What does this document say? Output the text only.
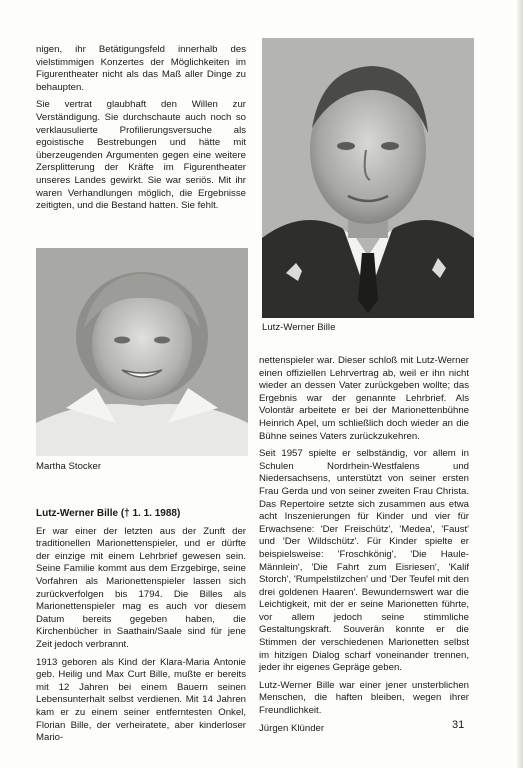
nigen, ihr Betätigungsfeld innerhalb des vielstimmigen Konzertes der Möglichkeiten im Figurentheater nicht als das Maß aller Dinge zu behaupten.

Sie vertrat glaubhaft den Willen zur Verständigung. Sie durchschaute auch noch so verklausulierte Profilierungsversuche als egoistische Bestrebungen und hätte mit überzeugenden Argumenten gegen eine weitere Zersplitterung der Kräfte im Figurentheater unseres Landes gewirkt. Sie war seriös. Mit ihr waren Verhandlungen möglich, die Ergebnisse zeitigten, und die Bestand hatten. Sie fehlt.

Lutz-Werner Bille
Martha Stocker

Lutz-Werner Bille († 1. 1. 1988)

Er war einer der letzten aus der Zunft der traditionellen Marionettenspieler, und er dürfte der einzige mit einem Lehrbrief gewesen sein. Seine Familie kommt aus dem Erzgebirge, seine Vorfahren als Marionettenspieler lassen sich zurückverfolgen bis 1794. Die Billes als Marionettenspieler mag es auch vor diesem Datum bereits gegeben haben, die Kirchenbücher in Saathain/Saale sind für jene Zeit jedoch verbrannt.

1913 geboren als Kind der Klara-Maria Antonie geb. Heilig und Max Curt Bille, mußte er bereits mit 12 Jahren bei einem Bauern seinen Lebensunterhalt selbst verdienen. Mit 14 Jahren kam er zu einem seiner entferntesten Onkel, Florian Bille, der verheiratete, aber kinderloser Mario-

nettenspieler war. Dieser schloß mit Lutz-Werner einen offiziellen Lehrvertrag ab, weil er ihn nicht wieder an dessen Vater zurückgeben wollte; das Ergebnis war der genannte Lehrbrief. Als Volontär arbeitete er bei der Marionettenbühne Heinrich Apel, um schließlich doch wieder an die Bühne seines Vaters zurückzukehren.

Seit 1957 spielte er selbständig, vor allem in Schulen Nordrhein-Westfalens und Niedersachsens, unterstützt von seiner ersten Frau Gerda und von seiner zweiten Frau Christa. Das Repertoire setzte sich zusammen aus etwa acht Inszenierungen für Kinder und vier für Erwachsene: 'Der Freischütz', 'Medea', 'Faust' und 'Der Wildschütz'. Für Kinder spielte er beispielsweise: 'Froschkönig', 'Die Haule-Männlein', 'Die Fahrt zum Eisriesen', 'Kalif Storch', 'Rumpelstilzchen' und 'Der Teufel mit den drei goldenen Haaren'. Bewundernswert war die Leichtigkeit, mit der er seine Marionetten führte, vor allem jedoch seine stimmliche Gestaltungskraft. Souverän konnte er die Stimmen der verschiedenen Marionetten selbst im hitzigen Dialog scharf voneinander trennen, jeder ihr eigenes Gepräge geben.

Lutz-Werner Bille war einer jener unsterblichen Menschen, die haften bleiben, wegen ihrer Freundlichkeit.

Jürgen Klünder	31
